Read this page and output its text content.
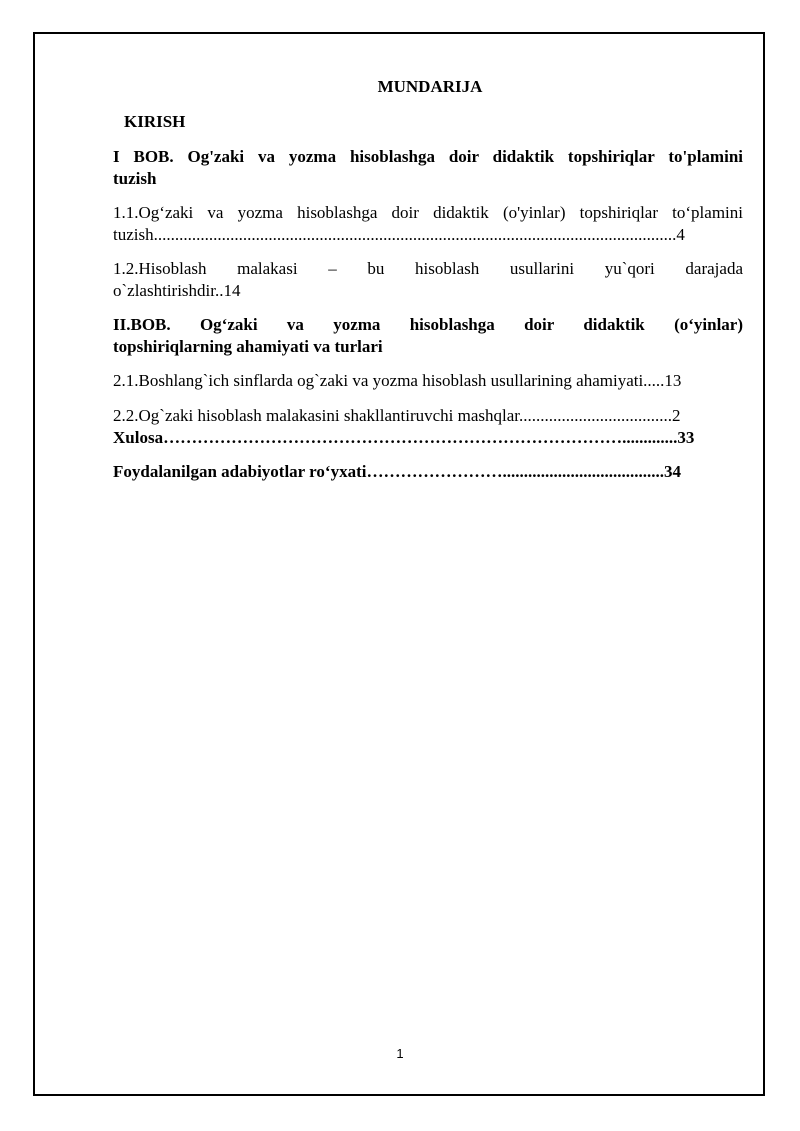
MUNDARIJA
KIRISH
I BOB. Og'zaki va yozma hisoblashga doir didaktik topshiriqlar to'plamini
tuzish
1.1.Og‘zaki va yozma hisoblashga doir didaktik (o'yinlar) topshiriqlar to‘plamini
tuzish...........................................................................................................................4
1.2.Hisoblash malakasi – bu hisoblash usullarini yu`qori darajada
o`zlashtirishdir..14
II.BOB. Og‘zaki va yozma hisoblashga doir didaktik (o‘yinlar)
topshiriqlarning ahamiyati va turlari
2.1.Boshlang`ich sinflarda og`zaki va yozma hisoblash usullarining ahamiyati.....13
2.2.Og`zaki hisoblash malakasini shakllantiruvchi mashqlar....................................2
Xulosa……………………………………………………………………….............33
Foydalanilgan adabiyotlar ro‘yxati……………………......................................34
1
